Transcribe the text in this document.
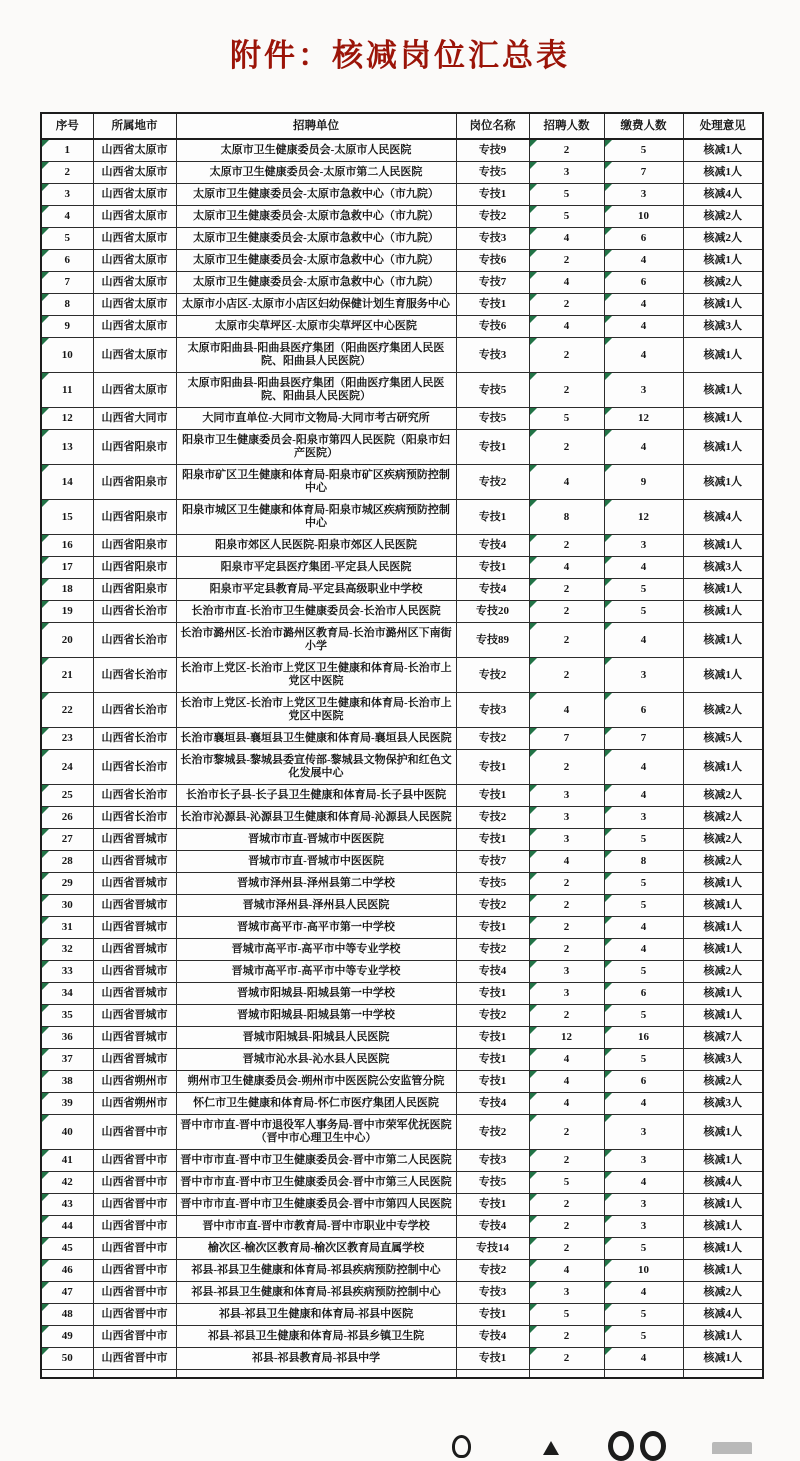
附件：核减岗位汇总表
序号	所属地市	招聘单位	岗位名称	招聘人数	缴费人数	处理意见

1	山西省太原市	太原市卫生健康委员会-太原市人民医院	专技9	2	5	核减1人

2	山西省太原市	太原市卫生健康委员会-太原市第二人民医院	专技5	3	7	核减1人

3	山西省太原市	太原市卫生健康委员会-太原市急救中心（市九院）	专技1	5	3	核减4人

4	山西省太原市	太原市卫生健康委员会-太原市急救中心（市九院）	专技2	5	10	核减2人

5	山西省太原市	太原市卫生健康委员会-太原市急救中心（市九院）	专技3	4	6	核减2人

6	山西省太原市	太原市卫生健康委员会-太原市急救中心（市九院）	专技6	2	4	核减1人

7	山西省太原市	太原市卫生健康委员会-太原市急救中心（市九院）	专技7	4	6	核减2人

8	山西省太原市	太原市小店区-太原市小店区妇幼保健计划生育服务中心	专技1	2	4	核减1人

9	山西省太原市	太原市尖草坪区-太原市尖草坪区中心医院	专技6	4	4	核减3人

10	山西省太原市	太原市阳曲县-阳曲县医疗集团（阳曲医疗集团人民医院、阳曲县人民医院）	专技3	2	4	核减1人

11	山西省太原市	太原市阳曲县-阳曲县医疗集团（阳曲医疗集团人民医院、阳曲县人民医院）	专技5	2	3	核减1人

12	山西省大同市	大同市直单位-大同市文物局-大同市考古研究所	专技5	5	12	核减1人

13	山西省阳泉市	阳泉市卫生健康委员会-阳泉市第四人民医院（阳泉市妇产医院）	专技1	2	4	核减1人

14	山西省阳泉市	阳泉市矿区卫生健康和体育局-阳泉市矿区疾病预防控制中心	专技2	4	9	核减1人

15	山西省阳泉市	阳泉市城区卫生健康和体育局-阳泉市城区疾病预防控制中心	专技1	8	12	核减4人

16	山西省阳泉市	阳泉市郊区人民医院-阳泉市郊区人民医院	专技4	2	3	核减1人

17	山西省阳泉市	阳泉市平定县医疗集团-平定县人民医院	专技1	4	4	核减3人

18	山西省阳泉市	阳泉市平定县教育局-平定县高级职业中学校	专技4	2	5	核减1人

19	山西省长治市	长治市市直-长治市卫生健康委员会-长治市人民医院	专技20	2	5	核减1人

20	山西省长治市	长治市潞州区-长治市潞州区教育局-长治市潞州区下南街小学	专技89	2	4	核减1人

21	山西省长治市	长治市上党区-长治市上党区卫生健康和体育局-长治市上党区中医院	专技2	2	3	核减1人

22	山西省长治市	长治市上党区-长治市上党区卫生健康和体育局-长治市上党区中医院	专技3	4	6	核减2人

23	山西省长治市	长治市襄垣县-襄垣县卫生健康和体育局-襄垣县人民医院	专技2	7	7	核减5人

24	山西省长治市	长治市黎城县-黎城县委宣传部-黎城县文物保护和红色文化发展中心	专技1	2	4	核减1人

25	山西省长治市	长治市长子县-长子县卫生健康和体育局-长子县中医院	专技1	3	4	核减2人

26	山西省长治市	长治市沁源县-沁源县卫生健康和体育局-沁源县人民医院	专技2	3	3	核减2人

27	山西省晋城市	晋城市市直-晋城市中医医院	专技1	3	5	核减2人

28	山西省晋城市	晋城市市直-晋城市中医医院	专技7	4	8	核减2人

29	山西省晋城市	晋城市泽州县-泽州县第二中学校	专技5	2	5	核减1人

30	山西省晋城市	晋城市泽州县-泽州县人民医院	专技2	2	5	核减1人

31	山西省晋城市	晋城市高平市-高平市第一中学校	专技1	2	4	核减1人

32	山西省晋城市	晋城市高平市-高平市中等专业学校	专技2	2	4	核减1人

33	山西省晋城市	晋城市高平市-高平市中等专业学校	专技4	3	5	核减2人

34	山西省晋城市	晋城市阳城县-阳城县第一中学校	专技1	3	6	核减1人

35	山西省晋城市	晋城市阳城县-阳城县第一中学校	专技2	2	5	核减1人

36	山西省晋城市	晋城市阳城县-阳城县人民医院	专技1	12	16	核减7人

37	山西省晋城市	晋城市沁水县-沁水县人民医院	专技1	4	5	核减3人

38	山西省朔州市	朔州市卫生健康委员会-朔州市中医医院公安监管分院	专技1	4	6	核减2人

39	山西省朔州市	怀仁市卫生健康和体育局-怀仁市医疗集团人民医院	专技4	4	4	核减3人

40	山西省晋中市	晋中市市直-晋中市退役军人事务局-晋中市荣军优抚医院（晋中市心理卫生中心）	专技2	2	3	核减1人

41	山西省晋中市	晋中市市直-晋中市卫生健康委员会-晋中市第二人民医院	专技3	2	3	核减1人

42	山西省晋中市	晋中市市直-晋中市卫生健康委员会-晋中市第三人民医院	专技5	5	4	核减4人

43	山西省晋中市	晋中市市直-晋中市卫生健康委员会-晋中市第四人民医院	专技1	2	3	核减1人

44	山西省晋中市	晋中市市直-晋中市教育局-晋中市职业中专学校	专技4	2	3	核减1人

45	山西省晋中市	榆次区-榆次区教育局-榆次区教育局直属学校	专技14	2	5	核减1人

46	山西省晋中市	祁县-祁县卫生健康和体育局-祁县疾病预防控制中心	专技2	4	10	核减1人

47	山西省晋中市	祁县-祁县卫生健康和体育局-祁县疾病预防控制中心	专技3	3	4	核减2人

48	山西省晋中市	祁县-祁县卫生健康和体育局-祁县中医院	专技1	5	5	核减4人

49	山西省晋中市	祁县-祁县卫生健康和体育局-祁县乡镇卫生院	专技4	2	5	核减1人

50	山西省晋中市	祁县-祁县教育局-祁县中学	专技1	2	4	核减1人
